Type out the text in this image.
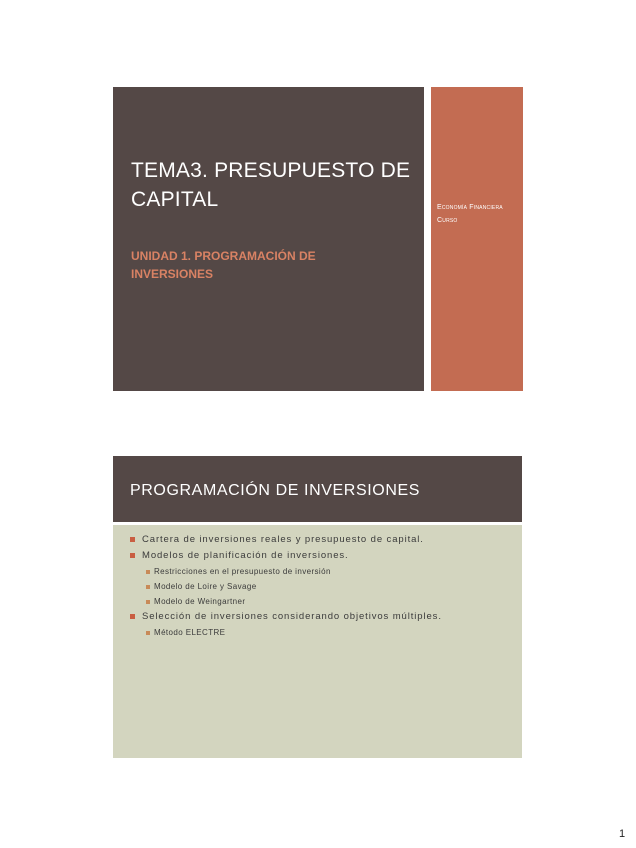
TEMA3. PRESUPUESTO DE CAPITAL
UNIDAD 1. PROGRAMACIÓN DE INVERSIONES
Economía Financiera Curso
PROGRAMACIÓN DE INVERSIONES
Cartera de inversiones reales y presupuesto de capital.
Modelos de planificación de inversiones.
Restricciones en el presupuesto de inversión
Modelo de Loire y Savage
Modelo de Weingartner
Selección de inversiones considerando objetivos múltiples.
Método ELECTRE
1
